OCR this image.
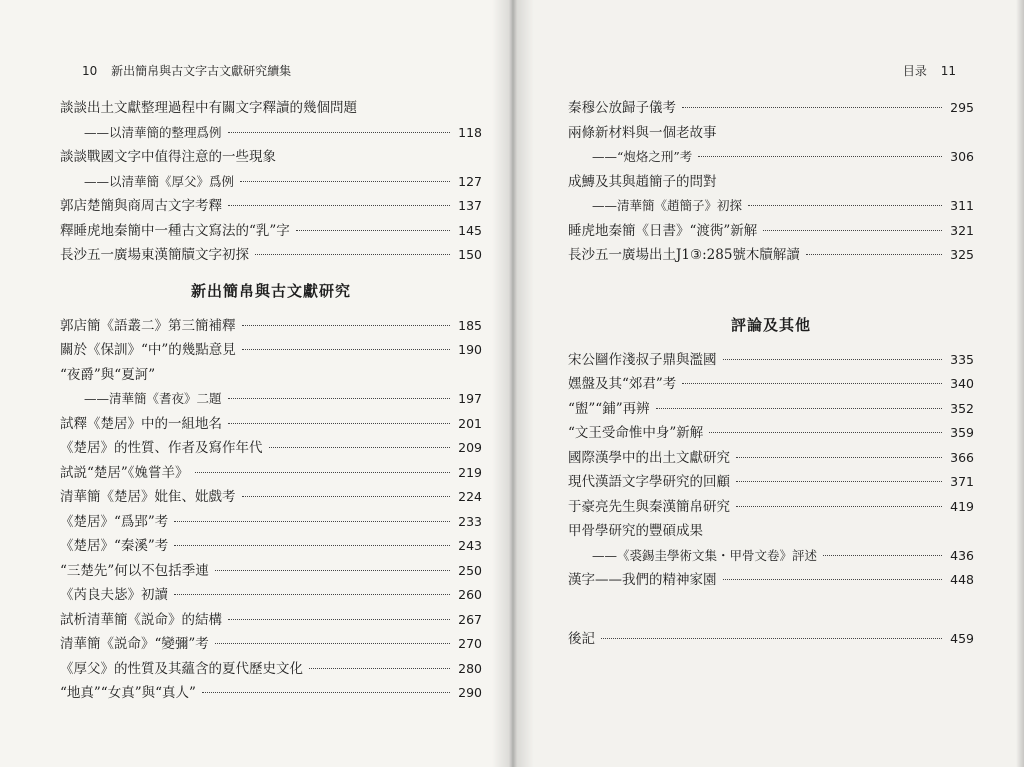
10 新出簡帛與古文字古文獻研究續集
談談出土文獻整理過程中有關文字釋讀的幾個問題
——以清華簡的整理爲例	118
談談戰國文字中值得注意的一些現象
——以清華簡《厚父》爲例	127
郭店楚簡與商周古文字考釋	137
釋睡虎地秦簡中一種古文寫法的“乳”字	145
長沙五一廣場東漢簡牘文字初探	150
新出簡帛與古文獻研究
郭店簡《語叢二》第三簡補釋	185
關於《保訓》“中”的幾點意見	190
“夜爵”與“夏訶”
——清華簡《耆夜》二題	197
試釋《楚居》中的一組地名	201
《楚居》的性質、作者及寫作年代	209
試説“楚居”《婏嘗羊》	219
清華簡《楚居》妣隹、妣戲考	224
《楚居》“爲郢”考	233
《楚居》“秦溪”考	243
“三楚先”何以不包括季連	250
《芮良夫毖》初讀	260
試析清華簡《説命》的結構	267
清華簡《説命》“變彌”考	270
《厚父》的性質及其蘊含的夏代歷史文化	280
“地真”“女真”與“真人”	290
目录 11
秦穆公放歸子儀考	295
兩條新材料與一個老故事
——“炮烙之刑”考	306
成鱄及其與趙簡子的問對
——清華簡《趙簡子》初探	311
睡虎地秦簡《日書》“渡衖”新解	321
長沙五一廣場出土J1③:285號木牘解讀	325
評論及其他
宋公圝作淺叔子鼎與濫國	335
嫼盤及其“郊君”考	340
“盥”“鋪”再辨	352
“文王受命惟中身”新解	359
國際漢學中的出土文獻研究	366
現代漢語文字學研究的回顧	371
于豪亮先生與秦漢簡帛研究	419
甲骨學研究的豐碩成果
——《裘錫圭學術文集・甲骨文卷》評述	436
漢字——我們的精神家園	448
後記	459
